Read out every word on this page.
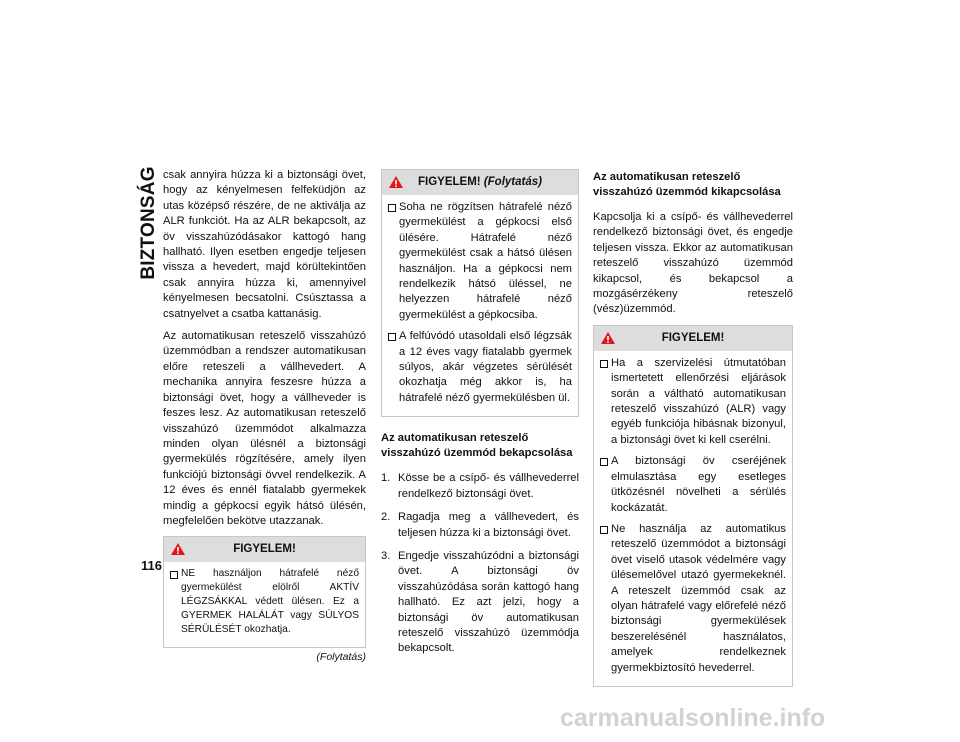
BIZTONSÁG
116

csak annyira húzza ki a biztonsági övet, hogy az kényelmesen felfeküdjön az utas középső részére, de ne aktiválja az ALR funkciót. Ha az ALR bekapcsolt, az öv visszahúzódásakor kattogó hang hallható. Ilyen esetben engedje teljesen vissza a hevedert, majd körültekintően csak annyira húzza ki, amennyivel kényelmesen becsatolni. Csúsztassa a csatnyelvet a csatba kattanásig.

Az automatikusan reteszelő visszahúzó üzemmódban a rendszer automatikusan előre reteszeli a vállhevedert. A mechanika annyira feszesre húzza a biztonsági övet, hogy a vállheveder is feszes lesz. Az automatikusan reteszelő visszahúzó üzemmódot alkalmazza minden olyan ülésnél a biztonsági gyermekülés rögzítésére, amely ilyen funkciójú biztonsági övvel rendelkezik. A 12 éves és ennél fiatalabb gyermekek mindig a gépkocsi egyik hátsó ülésén, megfelelően bekötve utazzanak.

FIGYELEM!
NE használjon hátrafelé néző gyermekülést elölről AKTÍV LÉGZSÁKKAL védett ülésen. Ez a GYERMEK HALÁLÁT vagy SÚLYOS SÉRÜLÉSÉT okozhatja.
(Folytatás)
FIGYELEM! (Folytatás)
Soha ne rögzítsen hátrafelé néző gyermekülést a gépkocsi első ülésére. Hátrafelé néző gyermekülést csak a hátsó ülésen használjon. Ha a gépkocsi nem rendelkezik hátsó üléssel, ne helyezzen hátrafelé néző gyermekülést a gépkocsiba.
A felfúvódó utasoldali első légzsák a 12 éves vagy fiatalabb gyermek súlyos, akár végzetes sérülését okozhatja még akkor is, ha hátrafelé néző gyermekülésben ül.
Az automatikusan reteszelő visszahúzó üzemmód bekapcsolása
1. Kösse be a csípő- és vállhevederrel rendelkező biztonsági övet.
2. Ragadja meg a vállhevedert, és teljesen húzza ki a biztonsági övet.
3. Engedje visszahúzódni a biztonsági övet. A biztonsági öv visszahúzódása során kattogó hang hallható. Ez azt jelzi, hogy a biztonsági öv automatikusan reteszelő visszahúzó üzemmódja bekapcsolt.
Az automatikusan reteszelő visszahúzó üzemmód kikapcsolása

Kapcsolja ki a csípő- és vállhevederrel rendelkező biztonsági övet, és engedje teljesen vissza. Ekkor az automatikusan reteszelő visszahúzó üzemmód kikapcsol, és bekapcsol a mozgásérzékeny reteszelő (vész)üzemmód.

FIGYELEM!
Ha a szervizelési útmutatóban ismertetett ellenőrzési eljárások során a váltható automatikusan reteszelő visszahúzó (ALR) vagy egyéb funkciója hibásnak bizonyul, a biztonsági övet ki kell cserélni.
A biztonsági öv cseréjének elmulasztása egy esetleges ütközésnél növelheti a sérülés kockázatát.
Ne használja az automatikus reteszelő üzemmódot a biztonsági övet viselő utasok védelmére vagy ülésemelővel utazó gyermekeknél. A reteszelt üzemmód csak az olyan hátrafelé vagy előrefelé néző biztonsági gyermekülések beszerelésénél használatos, amelyek rendelkeznek gyermekbiztosító hevederrel.
carmanualsonline.info
